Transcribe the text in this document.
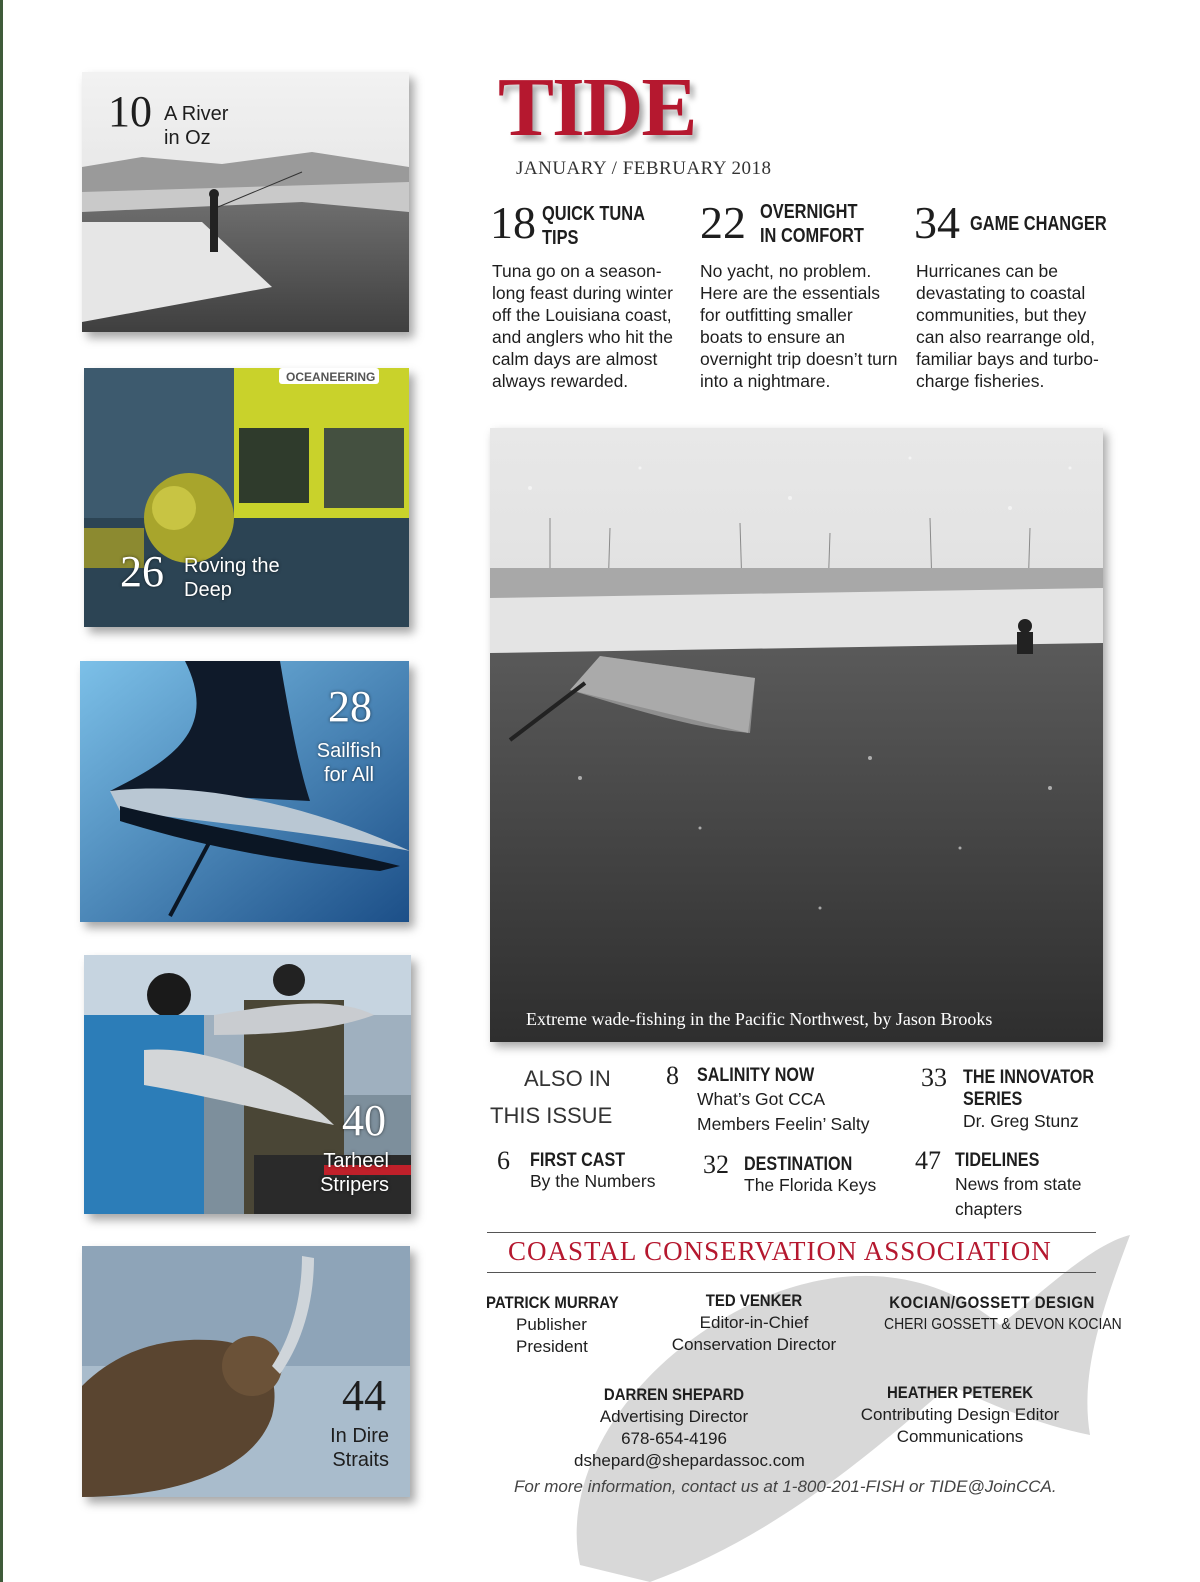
10 A River
in Oz
OCEANEERING
26 Roving the
Deep
28
Sailfish
for All
40
Tarheel
Stripers
44
In Dire
Straits
TIDE
JANUARY / FEBRUARY 2018
18 QUICK TUNA
TIPS
Tuna go on a season-long feast during winter off the Louisiana coast, and anglers who hit the calm days are almost always rewarded.
22 OVERNIGHT
IN COMFORT
No yacht, no problem. Here are the essentials for outfitting smaller boats to ensure an overnight trip doesn’t turn into a nightmare.
34 GAME CHANGER
Hurricanes can be devastating to coastal communities, but they can also rearrange old, familiar bays and turbo-charge fisheries.
Extreme wade-fishing in the Pacific Northwest, by Jason Brooks
ALSO IN
THIS ISSUE
8 SALINITY NOW
What’s Got CCA
Members Feelin’ Salty
33 THE INNOVATOR
SERIES
Dr. Greg Stunz
6 FIRST CAST
By the Numbers
32 DESTINATION
The Florida Keys
47 TIDELINES
News from state
chapters
COASTAL CONSERVATION ASSOCIATION
PATRICK MURRAY
Publisher
President
TED VENKER
Editor-in-Chief
Conservation Director
KOCIAN/GOSSETT DESIGN
CHERI GOSSETT & DEVON KOCIAN
DARREN SHEPARD
Advertising Director
678-654-4196
dshepard@shepardassoc.com
HEATHER PETEREK
Contributing Design Editor
Communications
For more information, contact us at 1-800-201-FISH or TIDE@JoinCCA.
